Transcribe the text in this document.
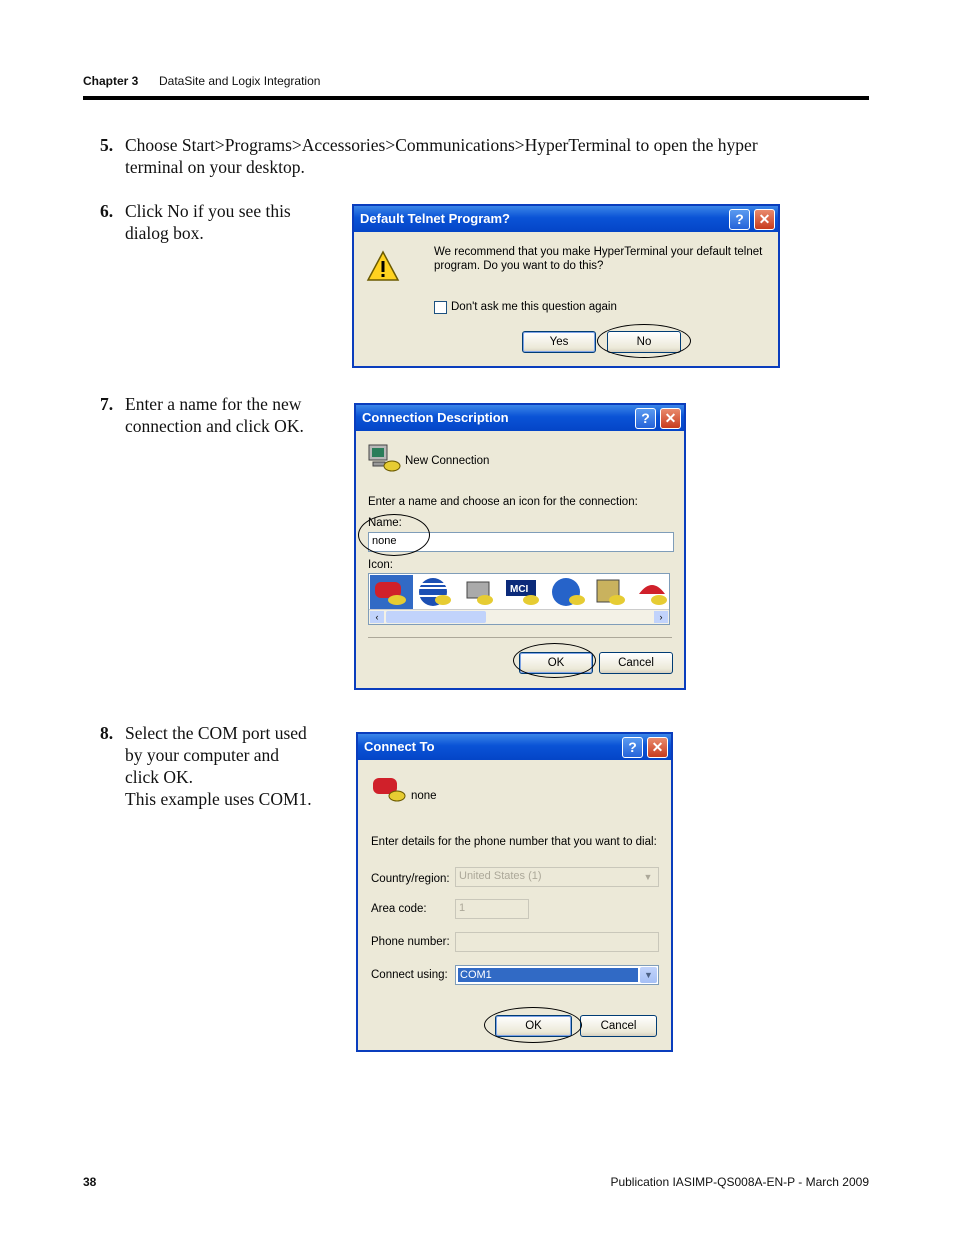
Chapter 3 DataSite and Logix Integration
5. Choose Start>Programs>Accessories>Communications>HyperTerminal to open the hyper

terminal on your desktop.

6. Click No if you see this

dialog box.

Default Telnet Program?	?	✕
We recommend that you make HyperTerminal your default telnet
program. Do you want to do this?
Don't ask me this question again
Yes	No
7. Enter a name for the new

connection and click OK.	Connection Description	?	✕
New Connection
Enter a name and choose an icon for the connection:
Name:
none
Icon:
MCI
‹	›
OK	Cancel
8. Select the COM port used

by your computer and

click OK.

This example uses COM1.

Connect To	?	✕
none
Enter details for the phone number that you want to dial:
Country/region: United States (1)	▼
Area code:	1
Phone number:
Connect using: COM1	▼
OK	Cancel
38	Publication IASIMP-QS008A-EN-P - March 2009
